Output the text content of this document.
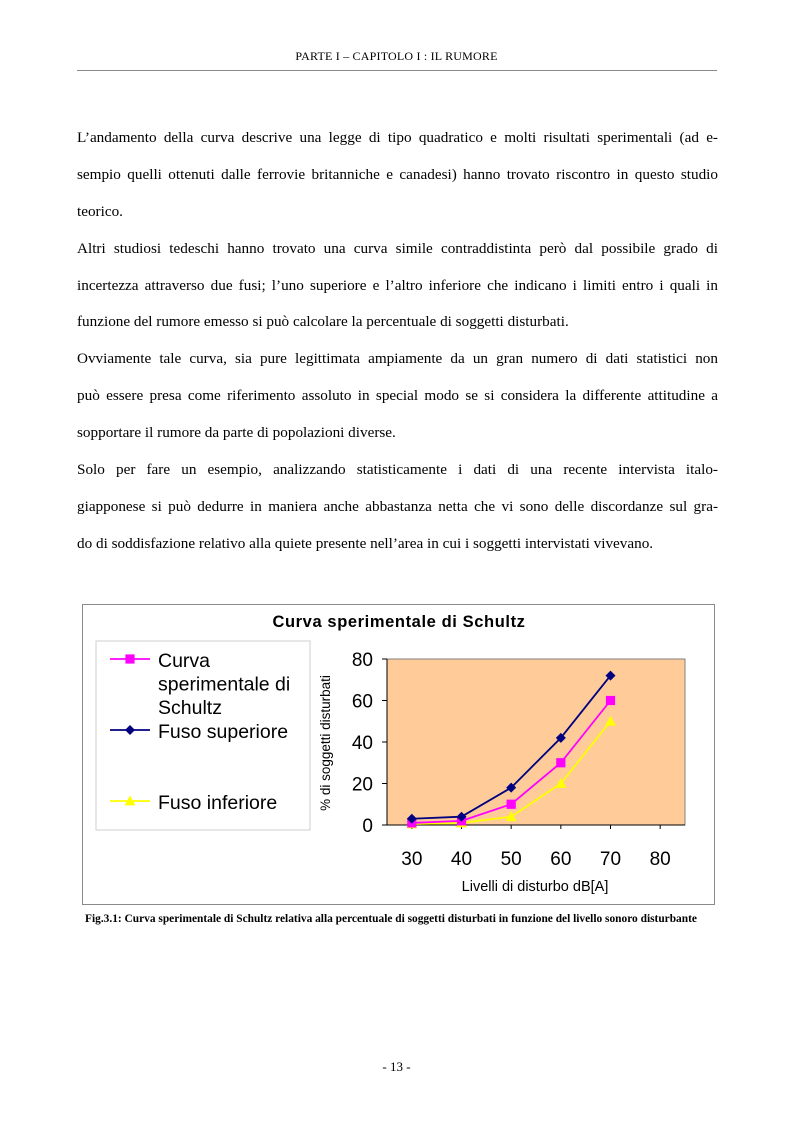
PARTE I – CAPITOLO I : IL RUMORE
L’andamento della curva descrive una legge di tipo quadratico e molti risultati sperimentali (ad e-
sempio quelli ottenuti dalle ferrovie britanniche e canadesi) hanno trovato riscontro in questo studio
teorico.
Altri studiosi tedeschi hanno trovato una curva simile contraddistinta però dal possibile grado di
incertezza attraverso due fusi; l’uno superiore e l’altro inferiore che indicano i limiti entro i quali in
funzione del rumore emesso si può calcolare la percentuale di soggetti disturbati.
Ovviamente tale curva, sia pure legittimata ampiamente da un gran numero di dati statistici non
può essere presa come riferimento assoluto in special modo se si considera la differente attitudine a
sopportare il rumore da parte di popolazioni diverse.
Solo per fare un esempio, analizzando statisticamente i dati di una recente intervista italo-
giapponese si può dedurre in maniera anche abbastanza netta che vi sono delle discordanze sul gra-
do di soddisfazione relativo alla quiete presente nell’area in cui i soggetti intervistati vivevano.
Curva sperimentale di Schultz
Curva sperimentale di Schultz
Fuso superiore
Fuso inferiore
0
20
40
60
80
30 40 50 60 70 80
% di soggetti disturbati
Livelli di disturbo dB[A]
Fig.3.1: Curva sperimentale di Schultz relativa alla percentuale di soggetti disturbati in funzione del livello sonoro disturbante
- 13 -
